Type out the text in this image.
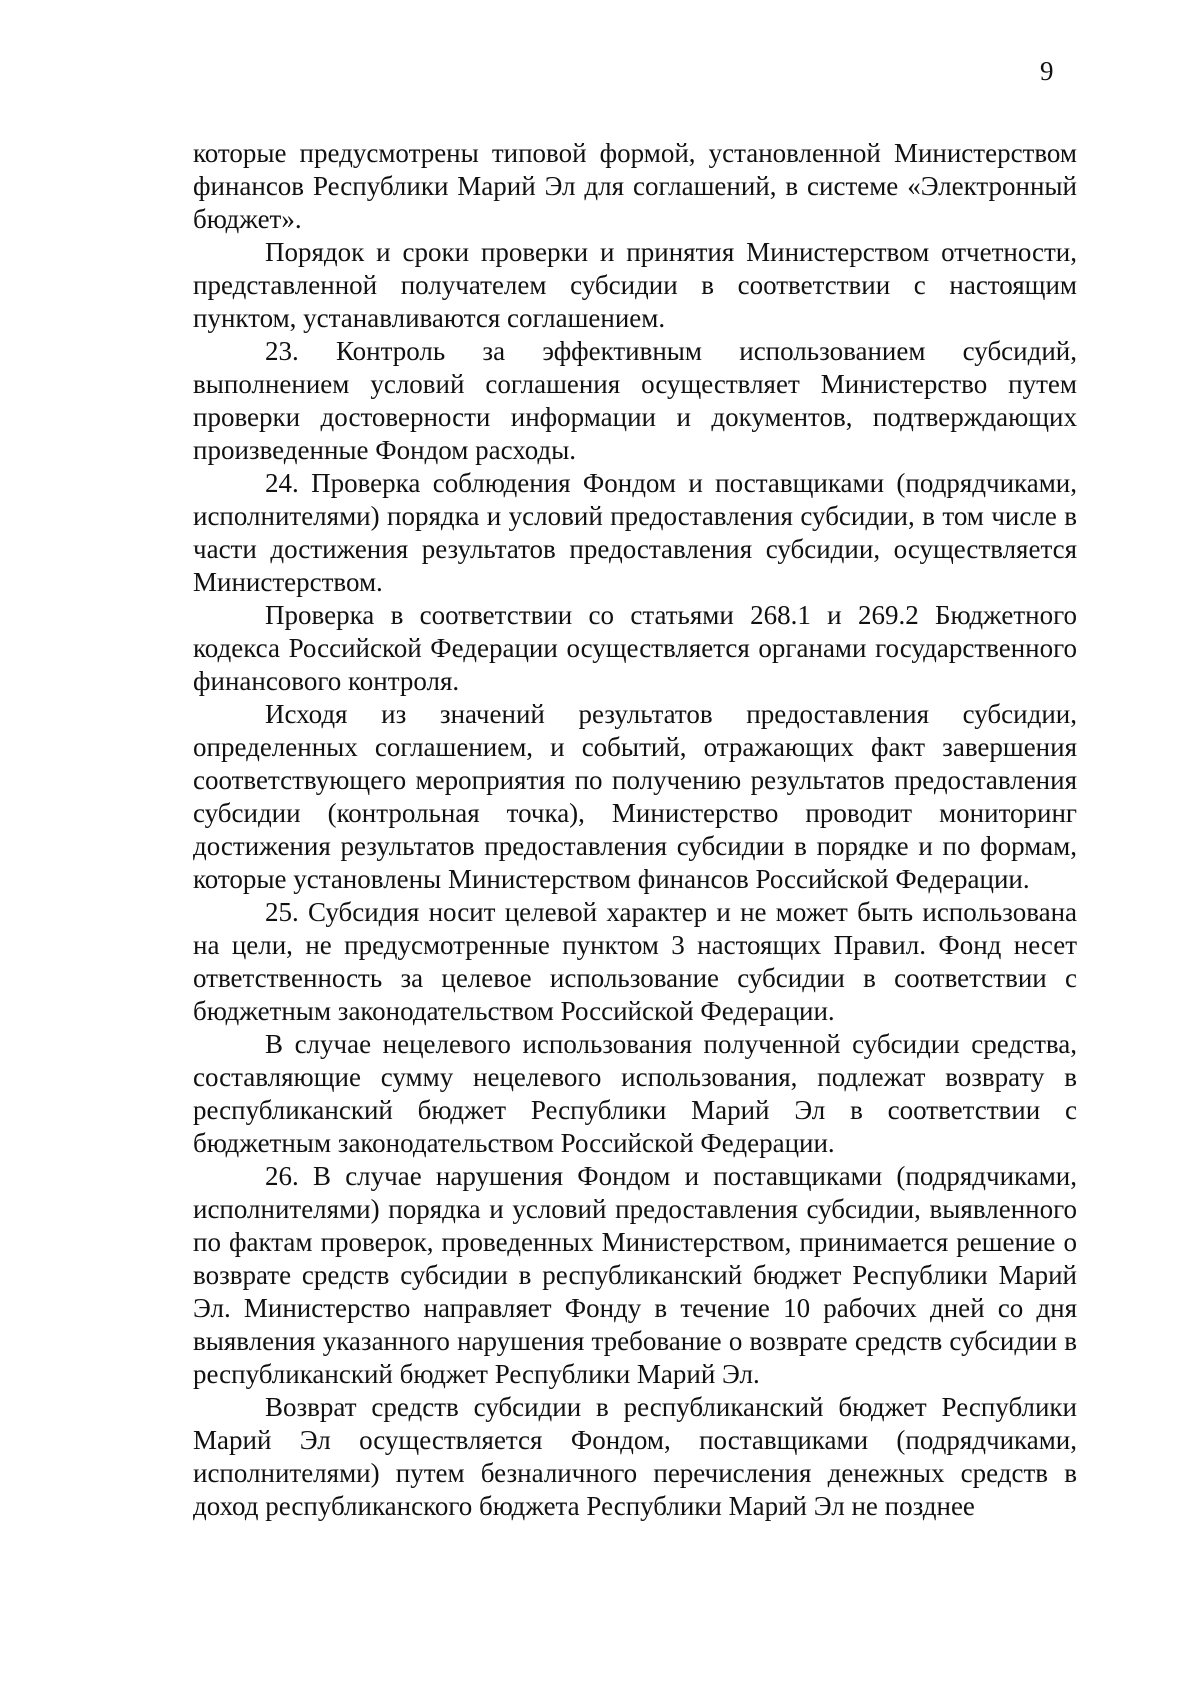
9

которые предусмотрены типовой формой, установленной Министерством финансов Республики Марий Эл для соглашений, в системе «Электронный бюджет».

Порядок и сроки проверки и принятия Министерством отчетности, представленной получателем субсидии в соответствии с настоящим пунктом, устанавливаются соглашением.

23. Контроль за эффективным использованием субсидий, выполнением условий соглашения осуществляет Министерство путем проверки достоверности информации и документов, подтверждающих произведенные Фондом расходы.

24. Проверка соблюдения Фондом и поставщиками (подрядчиками, исполнителями) порядка и условий предоставления субсидии, в том числе в части достижения результатов предоставления субсидии, осуществляется Министерством.

Проверка в соответствии со статьями 268.1 и 269.2 Бюджетного кодекса Российской Федерации осуществляется органами государственного финансового контроля.

Исходя из значений результатов предоставления субсидии, определенных соглашением, и событий, отражающих факт завершения соответствующего мероприятия по получению результатов предоставления субсидии (контрольная точка), Министерство проводит мониторинг достижения результатов предоставления субсидии в порядке и по формам, которые установлены Министерством финансов Российской Федерации.

25. Субсидия носит целевой характер и не может быть использована на цели, не предусмотренные пунктом 3 настоящих Правил. Фонд несет ответственность за целевое использование субсидии в соответствии с бюджетным законодательством Российской Федерации.

В случае нецелевого использования полученной субсидии средства, составляющие сумму нецелевого использования, подлежат возврату в республиканский бюджет Республики Марий Эл в соответствии с бюджетным законодательством Российской Федерации.

26. В случае нарушения Фондом и поставщиками (подрядчиками, исполнителями) порядка и условий предоставления субсидии, выявленного по фактам проверок, проведенных Министерством, принимается решение о возврате средств субсидии в республиканский бюджет Республики Марий Эл. Министерство направляет Фонду в течение 10 рабочих дней со дня выявления указанного нарушения требование о возврате средств субсидии в республиканский бюджет Республики Марий Эл.

Возврат средств субсидии в республиканский бюджет Республики Марий Эл осуществляется Фондом, поставщиками (подрядчиками, исполнителями) путем безналичного перечисления денежных средств в доход республиканского бюджета Республики Марий Эл не позднее
